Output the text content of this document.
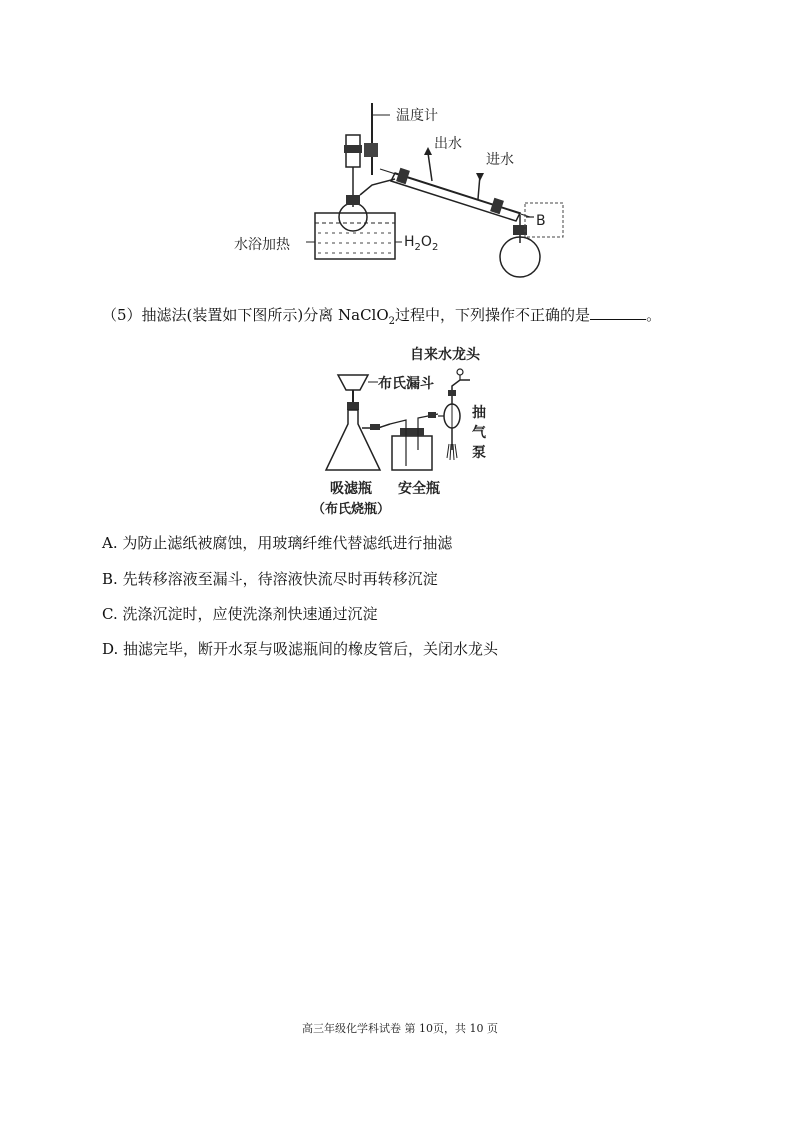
温度计
出水
进水
B
水浴加热	$H_2O_2$
（5）抽滤法(装置如下图所示)分离 NaClO$_2$过程中，下列操作不正确的是	。
自来水龙头
布氏漏斗
抽
气
泵
吸滤瓶 安全瓶
（布氏烧瓶）
A. 为防止滤纸被腐蚀，用玻璃纤维代替滤纸进行抽滤
B. 先转移溶液至漏斗，待溶液快流尽时再转移沉淀
C. 洗涤沉淀时，应使洗涤剂快速通过沉淀
D. 抽滤完毕，断开水泵与吸滤瓶间的橡皮管后，关闭水龙头
高三年级化学科试卷 第 10页，共 10 页
